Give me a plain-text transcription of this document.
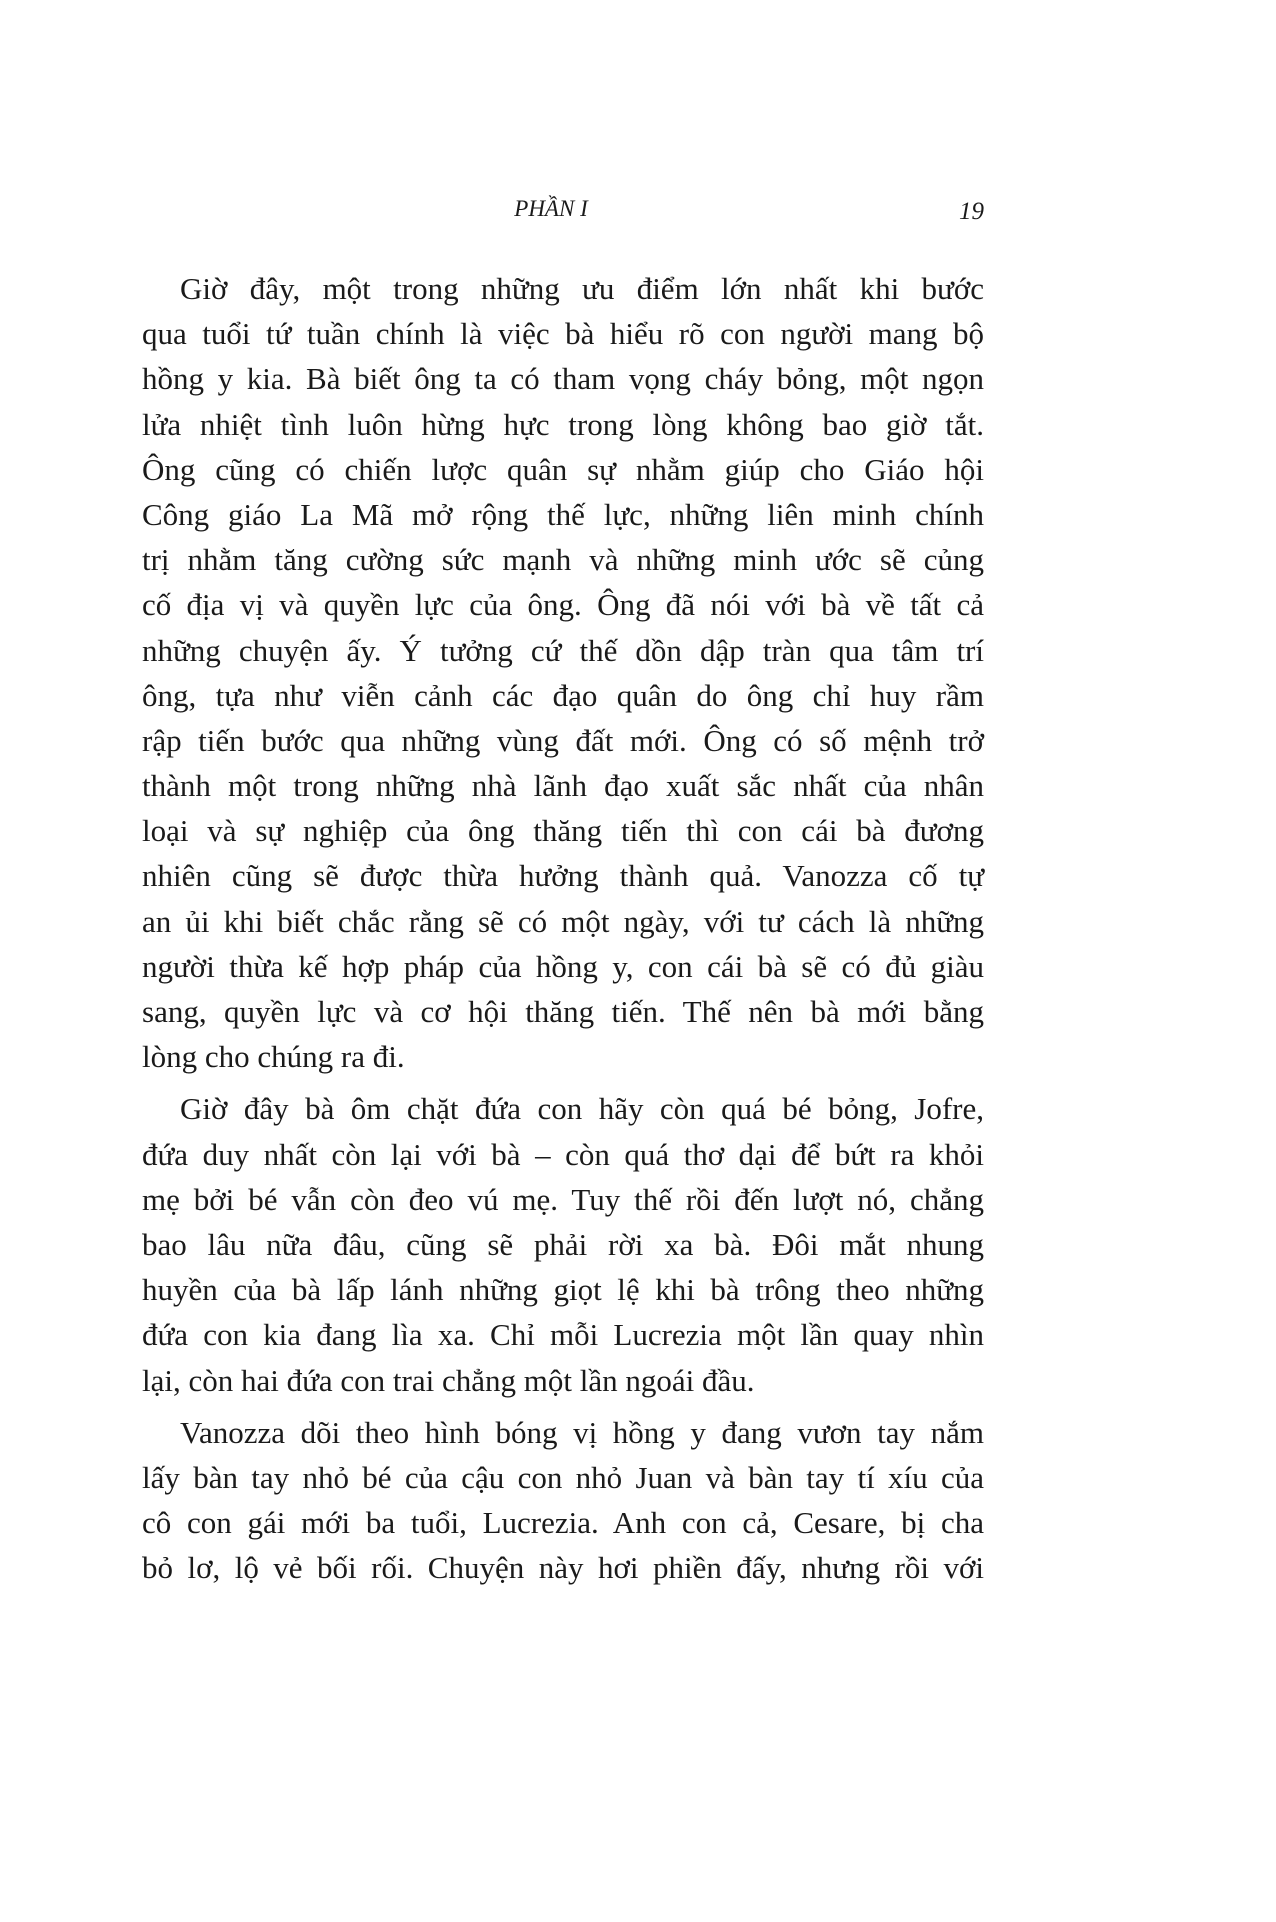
PHẦN I	19
Giờ đây, một trong những ưu điểm lớn nhất khi bước
qua tuổi tứ tuần chính là việc bà hiểu rõ con người mang bộ
hồng y kia. Bà biết ông ta có tham vọng cháy bỏng, một ngọn
lửa nhiệt tình luôn hừng hực trong lòng không bao giờ tắt.
Ông cũng có chiến lược quân sự nhằm giúp cho Giáo hội
Công giáo La Mã mở rộng thế lực, những liên minh chính
trị nhằm tăng cường sức mạnh và những minh ước sẽ củng
cố địa vị và quyền lực của ông. Ông đã nói với bà về tất cả
những chuyện ấy. Ý tưởng cứ thế dồn dập tràn qua tâm trí
ông, tựa như viễn cảnh các đạo quân do ông chỉ huy rầm
rập tiến bước qua những vùng đất mới. Ông có số mệnh trở
thành một trong những nhà lãnh đạo xuất sắc nhất của nhân
loại và sự nghiệp của ông thăng tiến thì con cái bà đương
nhiên cũng sẽ được thừa hưởng thành quả. Vanozza cố tự
an ủi khi biết chắc rằng sẽ có một ngày, với tư cách là những
người thừa kế hợp pháp của hồng y, con cái bà sẽ có đủ giàu
sang, quyền lực và cơ hội thăng tiến. Thế nên bà mới bằng
lòng cho chúng ra đi.
Giờ đây bà ôm chặt đứa con hãy còn quá bé bỏng, Jofre,
đứa duy nhất còn lại với bà – còn quá thơ dại để bứt ra khỏi
mẹ bởi bé vẫn còn đeo vú mẹ. Tuy thế rồi đến lượt nó, chẳng
bao lâu nữa đâu, cũng sẽ phải rời xa bà. Đôi mắt nhung
huyền của bà lấp lánh những giọt lệ khi bà trông theo những
đứa con kia đang lìa xa. Chỉ mỗi Lucrezia một lần quay nhìn
lại, còn hai đứa con trai chẳng một lần ngoái đầu.
Vanozza dõi theo hình bóng vị hồng y đang vươn tay nắm
lấy bàn tay nhỏ bé của cậu con nhỏ Juan và bàn tay tí xíu của
cô con gái mới ba tuổi, Lucrezia. Anh con cả, Cesare, bị cha
bỏ lơ, lộ vẻ bối rối. Chuyện này hơi phiền đấy, nhưng rồi với
